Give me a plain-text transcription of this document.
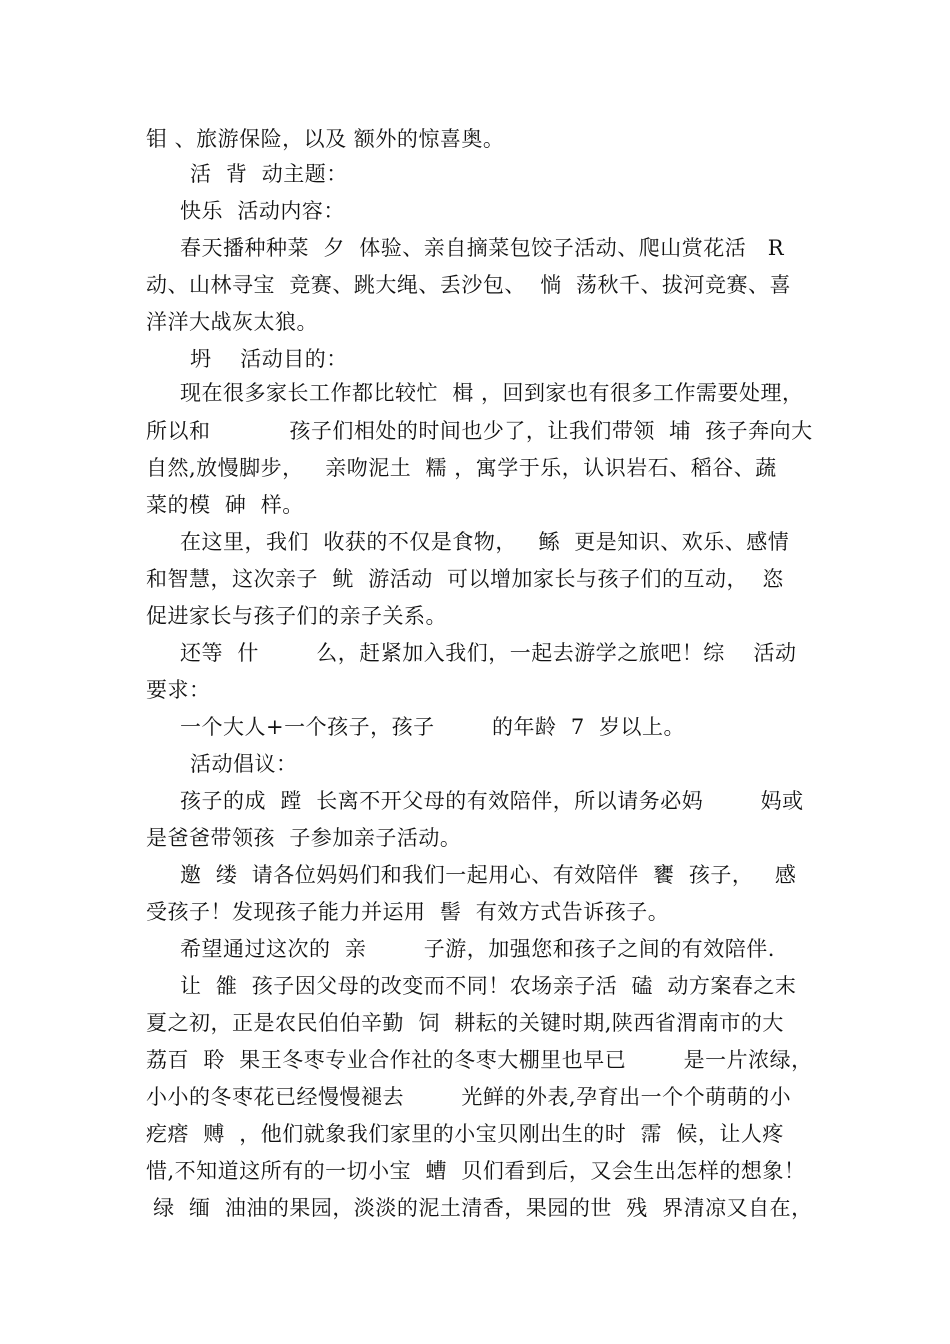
钼 、旅游保险，以及 额外的惊喜奥。
活  背  动主题：
快乐  活动内容：
春天播种种菜  夕  体验、亲自摘菜包饺子活动、爬山赏花活   R
动、山林寻宝  竞赛、跳大绳、丢沙包、  惝  荡秋千、拔河竞赛、喜
洋洋大战灰太狼。
坍    活动目的：
现在很多家长工作都比较忙  楫 ，回到家也有很多工作需要处理，
所以和           孩子们相处的时间也少了，让我们带领  埔  孩子奔向大
自然,放慢脚步，   亲吻泥土  糯 ，寓学于乐，认识岩石、稻谷、蔬
菜的模  砷  样。
在这里，我们  收获的不仅是食物，   鲧  更是知识、欢乐、感情
和智慧，这次亲子  鱿  游活动  可以增加家长与孩子们的互动，  恣
促进家长与孩子们的亲子关系。
还等  什        么，赶紧加入我们，一起去游学之旅吧！综    活动
要求：
一个大人+一个孩子，孩子        的年龄  7  岁以上。
活动倡议：
孩子的成  蹚  长离不开父母的有效陪伴，所以请务必妈        妈或
是爸爸带领孩  子参加亲子活动。
邀  缕  请各位妈妈们和我们一起用心、有效陪伴  饔  孩子，   感
受孩子！发现孩子能力并运用  髻  有效方式告诉孩子。
希望通过这次的  亲        子游，加强您和孩子之间的有效陪伴.
让  雒  孩子因父母的改变而不同！农场亲子活  磕  动方案春之末
夏之初，正是农民伯伯辛勤  饲  耕耘的关键时期,陕西省渭南市的大
荔百  聆  果王冬枣专业合作社的冬枣大棚里也早已        是一片浓绿，
小小的冬枣花已经慢慢褪去        光鲜的外表,孕育出一个个萌萌的小
疙瘩  赙  ，他们就象我们家里的小宝贝刚出生的时  霈  候，让人疼
惜,不知道这所有的一切小宝  螬  贝们看到后，又会生出怎样的想象！
绿  缅  油油的果园，淡淡的泥土清香，果园的世  残  界清凉又自在，
